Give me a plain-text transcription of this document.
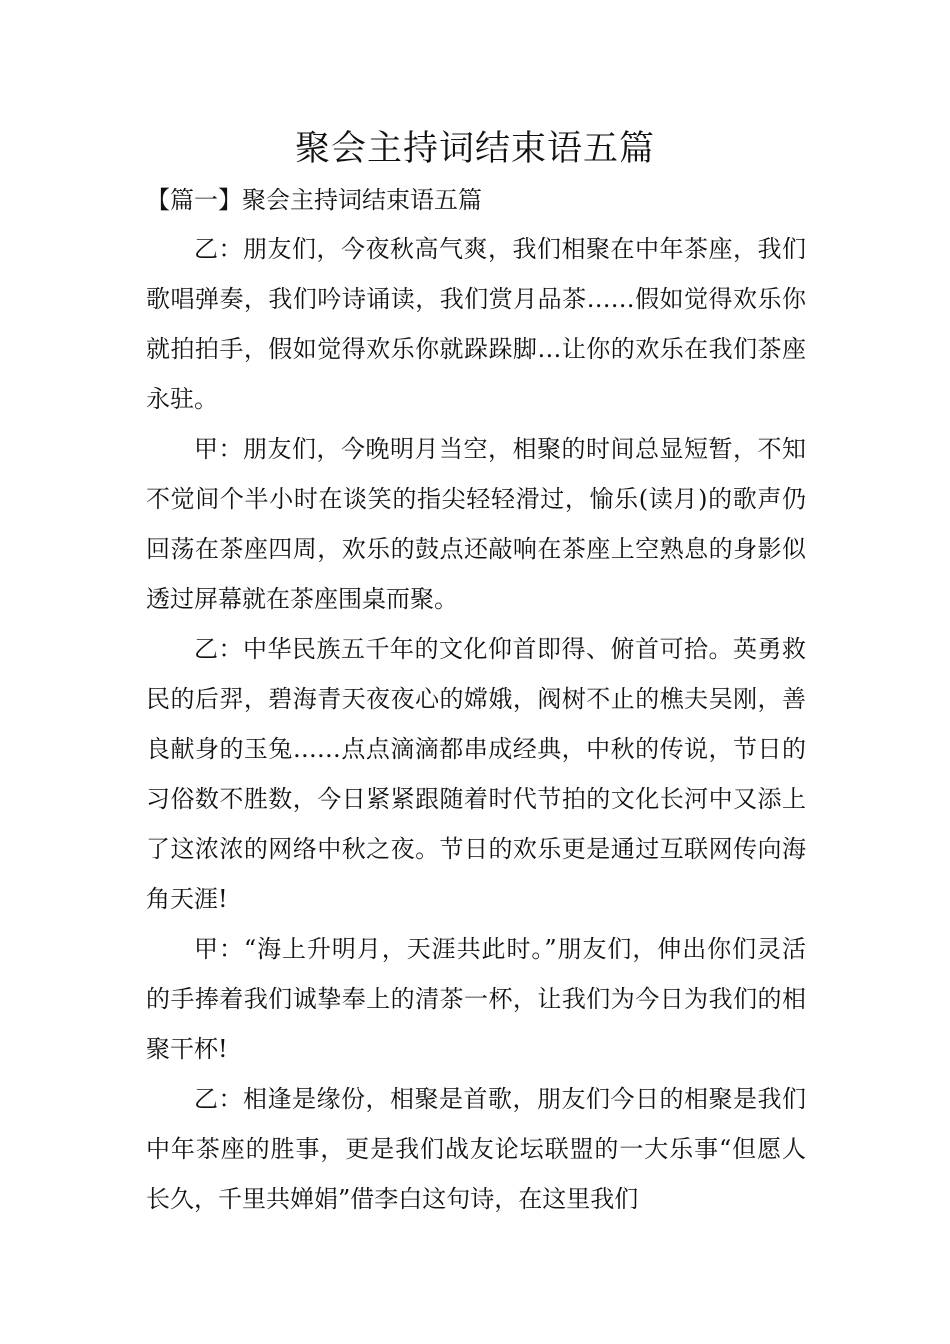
聚会主持词结束语五篇
【篇一】聚会主持词结束语五篇

乙：朋友们，今夜秋高气爽，我们相聚在中年茶座，我们歌唱弹奏，我们吟诗诵读，我们赏月品茶……假如觉得欢乐你就拍拍手，假如觉得欢乐你就跺跺脚…让你的欢乐在我们茶座永驻。

甲：朋友们，今晚明月当空，相聚的时间总显短暂，不知不觉间个半小时在谈笑的指尖轻轻滑过，愉乐(读月)的歌声仍回荡在茶座四周，欢乐的鼓点还敲响在茶座上空熟息的身影似透过屏幕就在茶座围桌而聚。

乙：中华民族五千年的文化仰首即得、俯首可拾。英勇救民的后羿，碧海青天夜夜心的嫦娥，阀树不止的樵夫吴刚，善良献身的玉兔……点点滴滴都串成经典，中秋的传说，节日的习俗数不胜数，今日紧紧跟随着时代节拍的文化长河中又添上了这浓浓的网络中秋之夜。节日的欢乐更是通过互联网传向海角天涯!

甲：“海上升明月，天涯共此时。”朋友们，伸出你们灵活的手捧着我们诚挚奉上的清茶一杯，让我们为今日为我们的相聚干杯!

乙：相逢是缘份，相聚是首歌，朋友们今日的相聚是我们中年茶座的胜事，更是我们战友论坛联盟的一大乐事“但愿人长久，千里共婵娟”借李白这句诗，在这里我们
